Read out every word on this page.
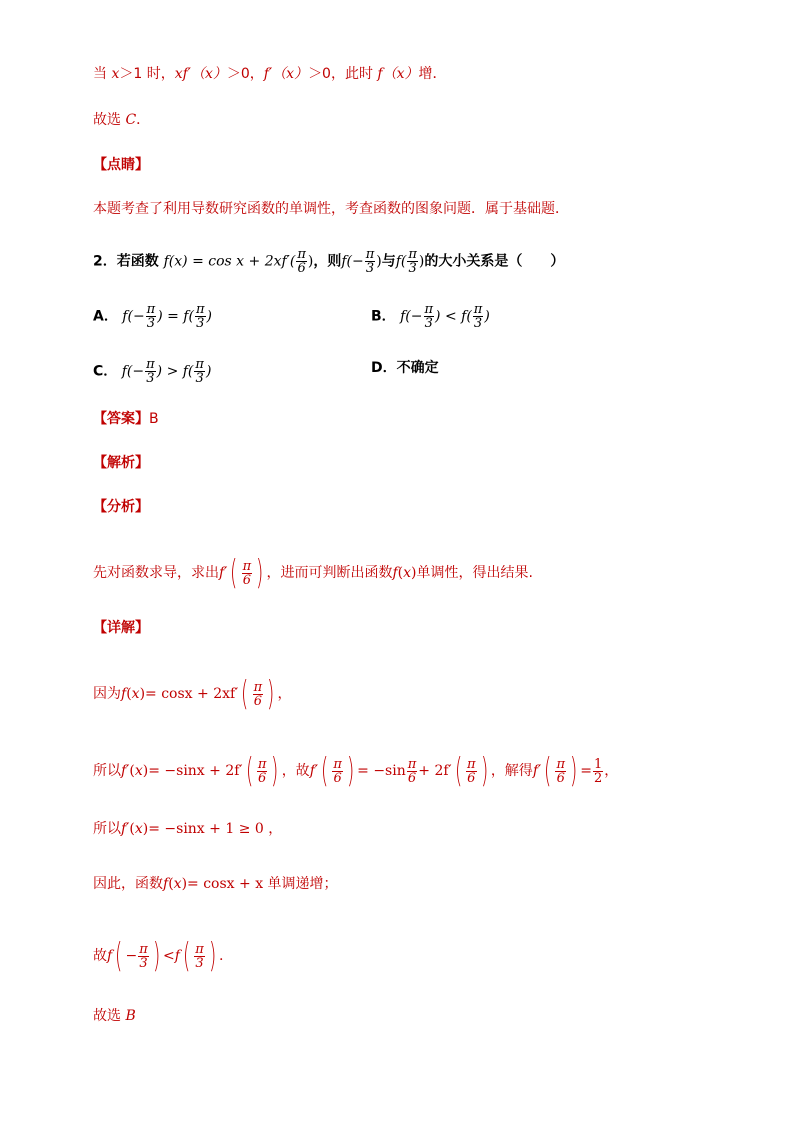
当 x＞1 时，xf′（x）＞0，f′（x）＞0，此时 f（x）增．
故选 C．
【点睛】
本题考查了利用导数研究函数的单调性，考查函数的图象问题．属于基础题．
2．若函数 $f(x) = \cos x + 2xf'( \frac{\pi}{6}$ )，则$f(- \frac{\pi}{3}$ )与$f( \frac{\pi}{3}$ )的大小关系是（　　）
A． $f(- \frac{\pi}{3}$ ) = $f( \frac{\pi}{3}$ )	B． $f(- \frac{\pi}{3}$ ) < $f( \frac{\pi}{3}$ )
C． $f(- \frac{\pi}{3}$ ) > $f( \frac{\pi}{3}$ )	D．不确定
【答案】B
【解析】
【分析】
先对函数求导，求出f′ ( $\frac{\pi}{6}$ ) ，进而可判断出函数f(x)单调性，得出结果.
【详解】
因为f(x)= cosx + 2xf′ ( $\frac{\pi}{6}$ ) ，
所以f′(x)= −sinx + 2f′ ( $\frac{\pi}{6}$ ) ，故f′ ( $\frac{\pi}{6}$ ) = $-\sin \frac{\pi}{6} + 2f'$ ( $\frac{\pi}{6}$ ) ，解得f′ ( $\frac{\pi}{6}$ ) = $\frac{1}{2}$ ，
所以f′(x)= −sinx + 1 ≥ 0 ，
因此，函数f(x)= cosx + x 单调递增；
故f ( − $\frac{\pi}{3}$ ) <f ( $\frac{\pi}{3}$ ) .
故选 B
